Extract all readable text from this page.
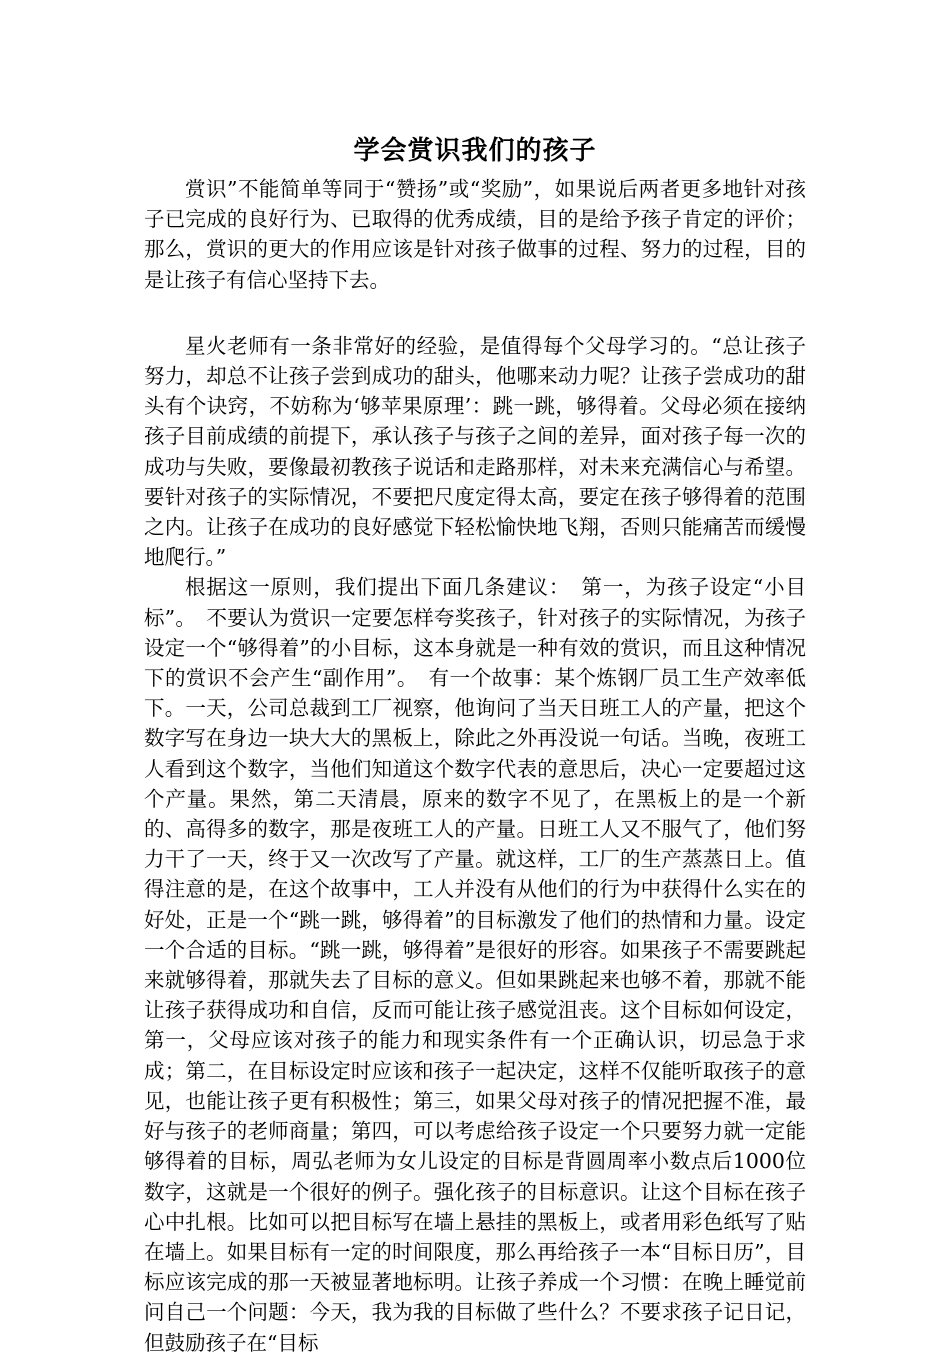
学会赏识我们的孩子

赏识”不能简单等同于“赞扬”或“奖励”，如果说后两者更多地针对孩子已完成的良好行为、已取得的优秀成绩，目的是给予孩子肯定的评价；那么，赏识的更大的作用应该是针对孩子做事的过程、努力的过程，目的是让孩子有信心坚持下去。

星火老师有一条非常好的经验，是值得每个父母学习的。“总让孩子努力，却总不让孩子尝到成功的甜头，他哪来动力呢？让孩子尝成功的甜头有个诀窍，不妨称为‘够苹果原理’：跳一跳，够得着。父母必须在接纳孩子目前成绩的前提下，承认孩子与孩子之间的差异，面对孩子每一次的成功与失败，要像最初教孩子说话和走路那样，对未来充满信心与希望。要针对孩子的实际情况，不要把尺度定得太高，要定在孩子够得着的范围之内。让孩子在成功的良好感觉下轻松愉快地飞翔，否则只能痛苦而缓慢地爬行。”

根据这一原则，我们提出下面几条建议：　第一，为孩子设定“小目标”。　不要认为赏识一定要怎样夸奖孩子，针对孩子的实际情况，为孩子设定一个“够得着”的小目标，这本身就是一种有效的赏识，而且这种情况下的赏识不会产生“副作用”。　有一个故事：某个炼钢厂员工生产效率低下。一天，公司总裁到工厂视察，他询问了当天日班工人的产量，把这个数字写在身边一块大大的黑板上，除此之外再没说一句话。当晚，夜班工人看到这个数字，当他们知道这个数字代表的意思后，决心一定要超过这个产量。果然，第二天清晨，原来的数字不见了，在黑板上的是一个新的、高得多的数字，那是夜班工人的产量。日班工人又不服气了，他们努力干了一天，终于又一次改写了产量。就这样，工厂的生产蒸蒸日上。值得注意的是，在这个故事中，工人并没有从他们的行为中获得什么实在的好处，正是一个“跳一跳，够得着”的目标激发了他们的热情和力量。设定一个合适的目标。“跳一跳，够得着”是很好的形容。如果孩子不需要跳起来就够得着，那就失去了目标的意义。但如果跳起来也够不着，那就不能让孩子获得成功和自信，反而可能让孩子感觉沮丧。这个目标如何设定，第一，父母应该对孩子的能力和现实条件有一个正确认识，切忌急于求成；第二，在目标设定时应该和孩子一起决定，这样不仅能听取孩子的意见，也能让孩子更有积极性；第三，如果父母对孩子的情况把握不准，最好与孩子的老师商量；第四，可以考虑给孩子设定一个只要努力就一定能够得着的目标，周弘老师为女儿设定的目标是背圆周率小数点后1000位数字，这就是一个很好的例子。强化孩子的目标意识。让这个目标在孩子心中扎根。比如可以把目标写在墙上悬挂的黑板上，或者用彩色纸写了贴在墙上。如果目标有一定的时间限度，那么再给孩子一本“目标日历”，目标应该完成的那一天被显著地标明。让孩子养成一个习惯：在晚上睡觉前问自己一个问题：今天，我为我的目标做了些什么？不要求孩子记日记，但鼓励孩子在“目标
